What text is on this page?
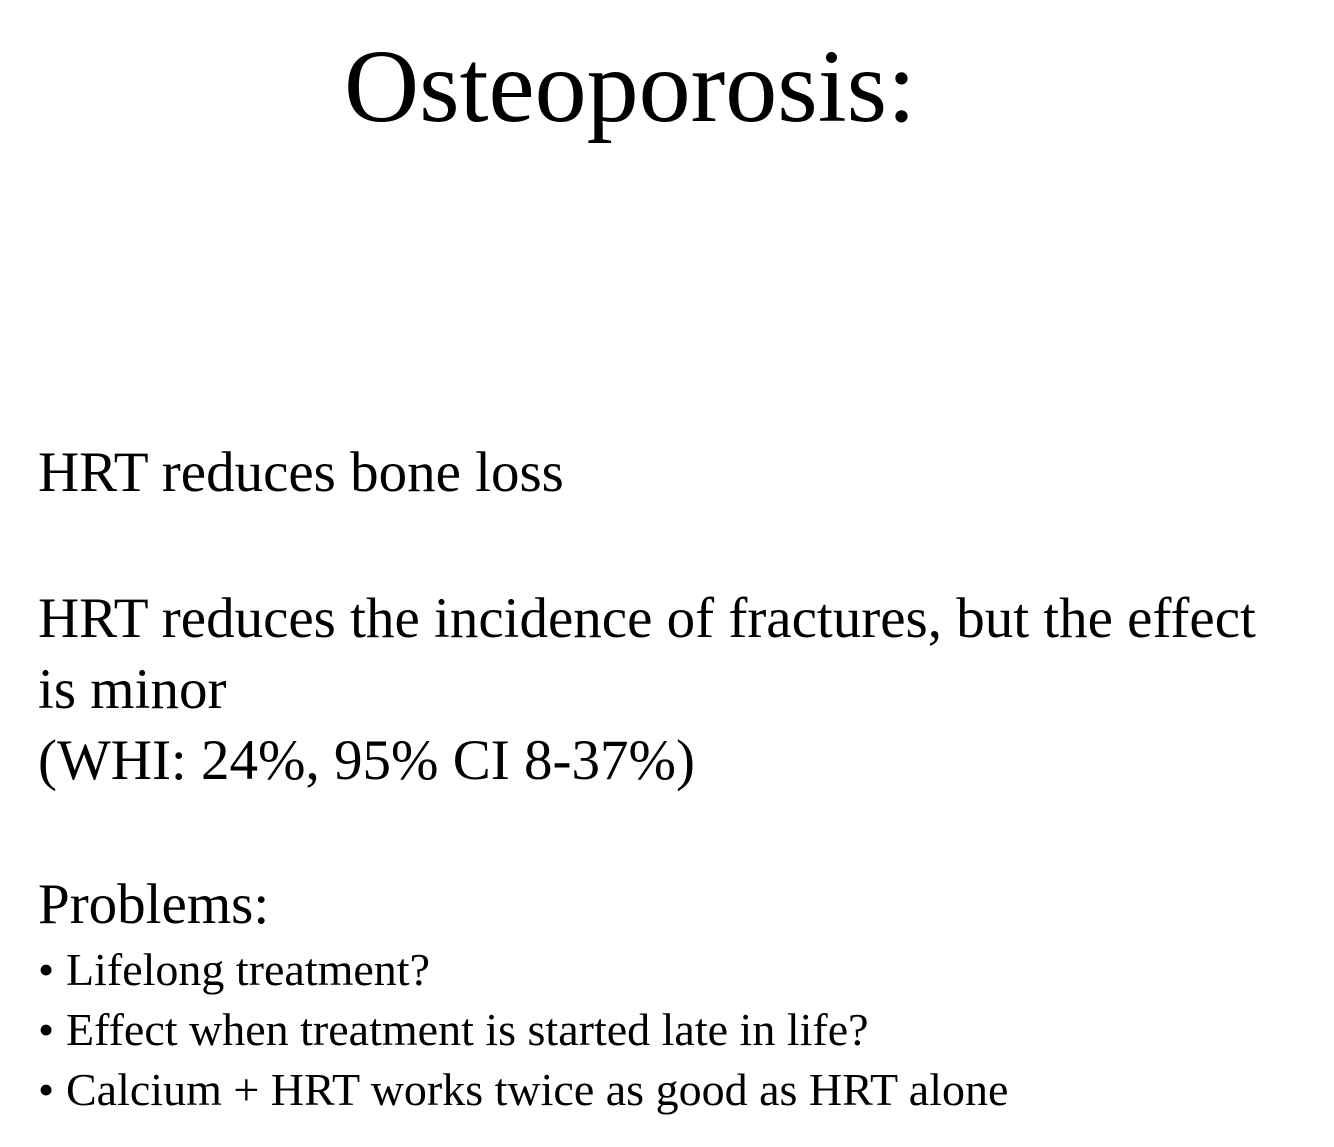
Osteoporosis:

HRT reduces bone loss

HRT reduces the incidence of fractures, but the effect

is minor

(WHI: 24%, 95% CI 8-37%)

Problems:

• Lifelong treatment?
• Effect when treatment is started late in life?
• Calcium + HRT works twice as good as HRT alone
